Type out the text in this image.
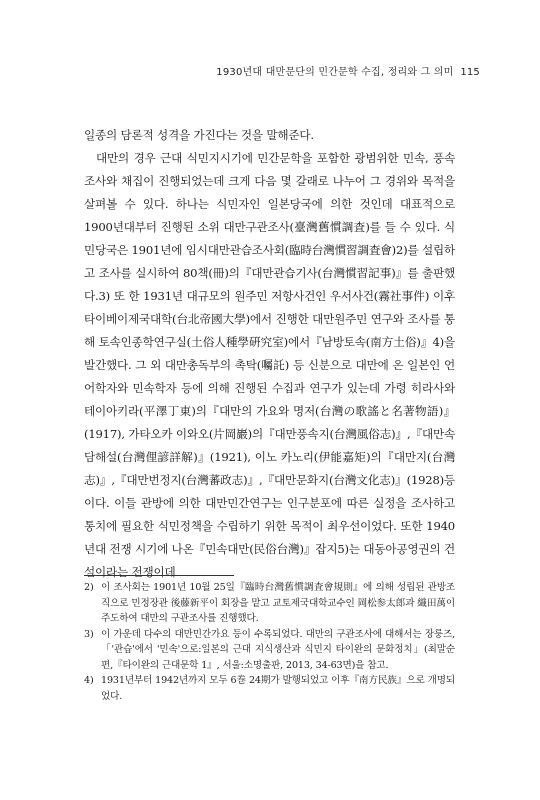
1930년대 대만문단의 민간문학 수집, 정리와 그 의미 115

일종의 담론적 성격을 가진다는 것을 말해준다.

대만의 경우 근대 식민지시기에 민간문학을 포함한 광범위한 민속, 풍속 조사와 채집이 진행되었는데 크게 다음 몇 갈래로 나누어 그 경위와 목적을 살펴볼 수 있다. 하나는 식민자인 일본당국에 의한 것인데 대표적으로 1900년대부터 진행된 소위 대만구관조사(臺灣舊慣調査)를 들 수 있다. 식민당국은 1901년에 임시대만관습조사회(臨時台灣慣習調査會)2)를 설립하고 조사를 실시하여 80책(冊)의『대만관습기사(台灣慣習記事)』를 출판했다.3) 또 한 1931년 대규모의 원주민 저항사건인 우서사건(霧社事件) 이후 타이베이제국대학(台北帝國大學)에서 진행한 대만원주민 연구와 조사를 통해 토속인종학연구실(土俗人種學硏究室)에서『남방토속(南方土俗)』4)을 발간했다. 그 외 대만총독부의 촉탁(囑託) 등 신분으로 대만에 온 일본인 언어학자와 민속학자 등에 의해 진행된 수집과 연구가 있는데 가령 히라사와 테이아키라(平澤丁東)의『대만의 가요와 명저(台灣の歌謠と名著物語)』(1917), 가타오카 이와오(片岡巖)의『대만풍속지(台灣風俗志)』,『대만속담해설(台灣俚諺詳解)』(1921), 이노 카노리(伊能嘉矩)의『대만지(台灣志)』,『대만번정지(台灣蕃政志)』,『대만문화지(台灣文化志)』(1928)등이다. 이들 관방에 의한 대만민간연구는 인구분포에 따른 실정을 조사하고 통치에 필요한 식민정책을 수립하기 위한 목적이 최우선이었다. 또한 1940년대 전쟁 시기에 나온『민속대만(民俗台灣)』잡지5)는 대동아공영권의 건설이라는 전쟁이데

2) 이 조사회는 1901년 10월 25일『臨時台灣舊慣調査會規則』에 의해 성립된 관방조직으로 민정장관 後藤新平이 회장을 맡고 교토제국대학교수인 岡松参太郎과 織田萬이 주도하여 대만의 구관조사를 진행했다.

3) 이 가운데 다수의 대만민간가요 등이 수록되었다. 대만의 구관조사에 대해서는 장룽즈,「'관습'에서 '민속'으로:일본의 근대 지식생산과 식민지 타이완의 문화정치」(최말순 편,『타이완의 근대문학 1』, 서울:소명출판, 2013, 34-63면)을 참고.

4) 1931년부터 1942년까지 모두 6巻 24期가 발행되었고 이후『南方民族』으로 개명되었다.
